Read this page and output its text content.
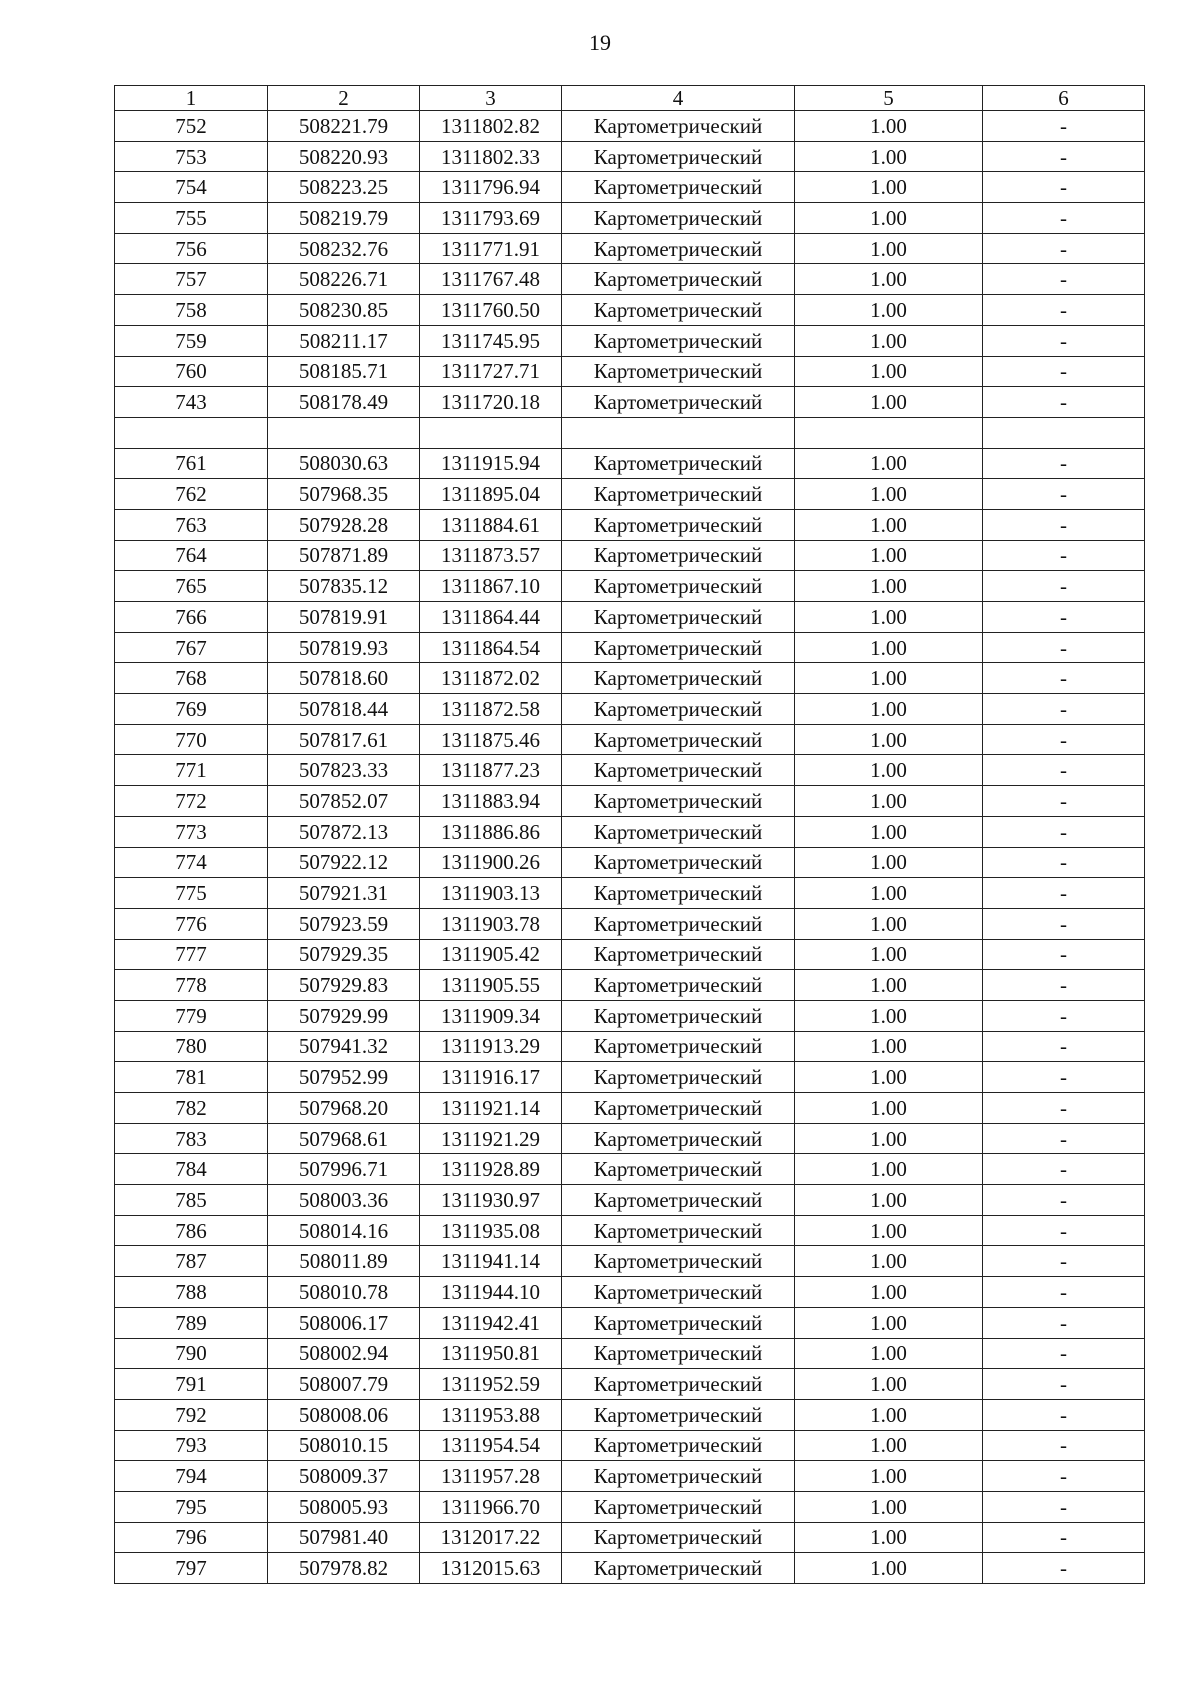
19
1	2	3	4	5	6
752	508221.79	1311802.82	Картометрический	1.00	-
753	508220.93	1311802.33	Картометрический	1.00	-
754	508223.25	1311796.94	Картометрический	1.00	-
755	508219.79	1311793.69	Картометрический	1.00	-
756	508232.76	1311771.91	Картометрический	1.00	-
757	508226.71	1311767.48	Картометрический	1.00	-
758	508230.85	1311760.50	Картометрический	1.00	-
759	508211.17	1311745.95	Картометрический	1.00	-
760	508185.71	1311727.71	Картометрический	1.00	-
743	508178.49	1311720.18	Картометрический	1.00	-

761	508030.63	1311915.94	Картометрический	1.00	-
762	507968.35	1311895.04	Картометрический	1.00	-
763	507928.28	1311884.61	Картометрический	1.00	-
764	507871.89	1311873.57	Картометрический	1.00	-
765	507835.12	1311867.10	Картометрический	1.00	-
766	507819.91	1311864.44	Картометрический	1.00	-
767	507819.93	1311864.54	Картометрический	1.00	-
768	507818.60	1311872.02	Картометрический	1.00	-
769	507818.44	1311872.58	Картометрический	1.00	-
770	507817.61	1311875.46	Картометрический	1.00	-
771	507823.33	1311877.23	Картометрический	1.00	-
772	507852.07	1311883.94	Картометрический	1.00	-
773	507872.13	1311886.86	Картометрический	1.00	-
774	507922.12	1311900.26	Картометрический	1.00	-
775	507921.31	1311903.13	Картометрический	1.00	-
776	507923.59	1311903.78	Картометрический	1.00	-
777	507929.35	1311905.42	Картометрический	1.00	-
778	507929.83	1311905.55	Картометрический	1.00	-
779	507929.99	1311909.34	Картометрический	1.00	-
780	507941.32	1311913.29	Картометрический	1.00	-
781	507952.99	1311916.17	Картометрический	1.00	-
782	507968.20	1311921.14	Картометрический	1.00	-
783	507968.61	1311921.29	Картометрический	1.00	-
784	507996.71	1311928.89	Картометрический	1.00	-
785	508003.36	1311930.97	Картометрический	1.00	-
786	508014.16	1311935.08	Картометрический	1.00	-
787	508011.89	1311941.14	Картометрический	1.00	-
788	508010.78	1311944.10	Картометрический	1.00	-
789	508006.17	1311942.41	Картометрический	1.00	-
790	508002.94	1311950.81	Картометрический	1.00	-
791	508007.79	1311952.59	Картометрический	1.00	-
792	508008.06	1311953.88	Картометрический	1.00	-
793	508010.15	1311954.54	Картометрический	1.00	-
794	508009.37	1311957.28	Картометрический	1.00	-
795	508005.93	1311966.70	Картометрический	1.00	-
796	507981.40	1312017.22	Картометрический	1.00	-
797	507978.82	1312015.63	Картометрический	1.00	-
